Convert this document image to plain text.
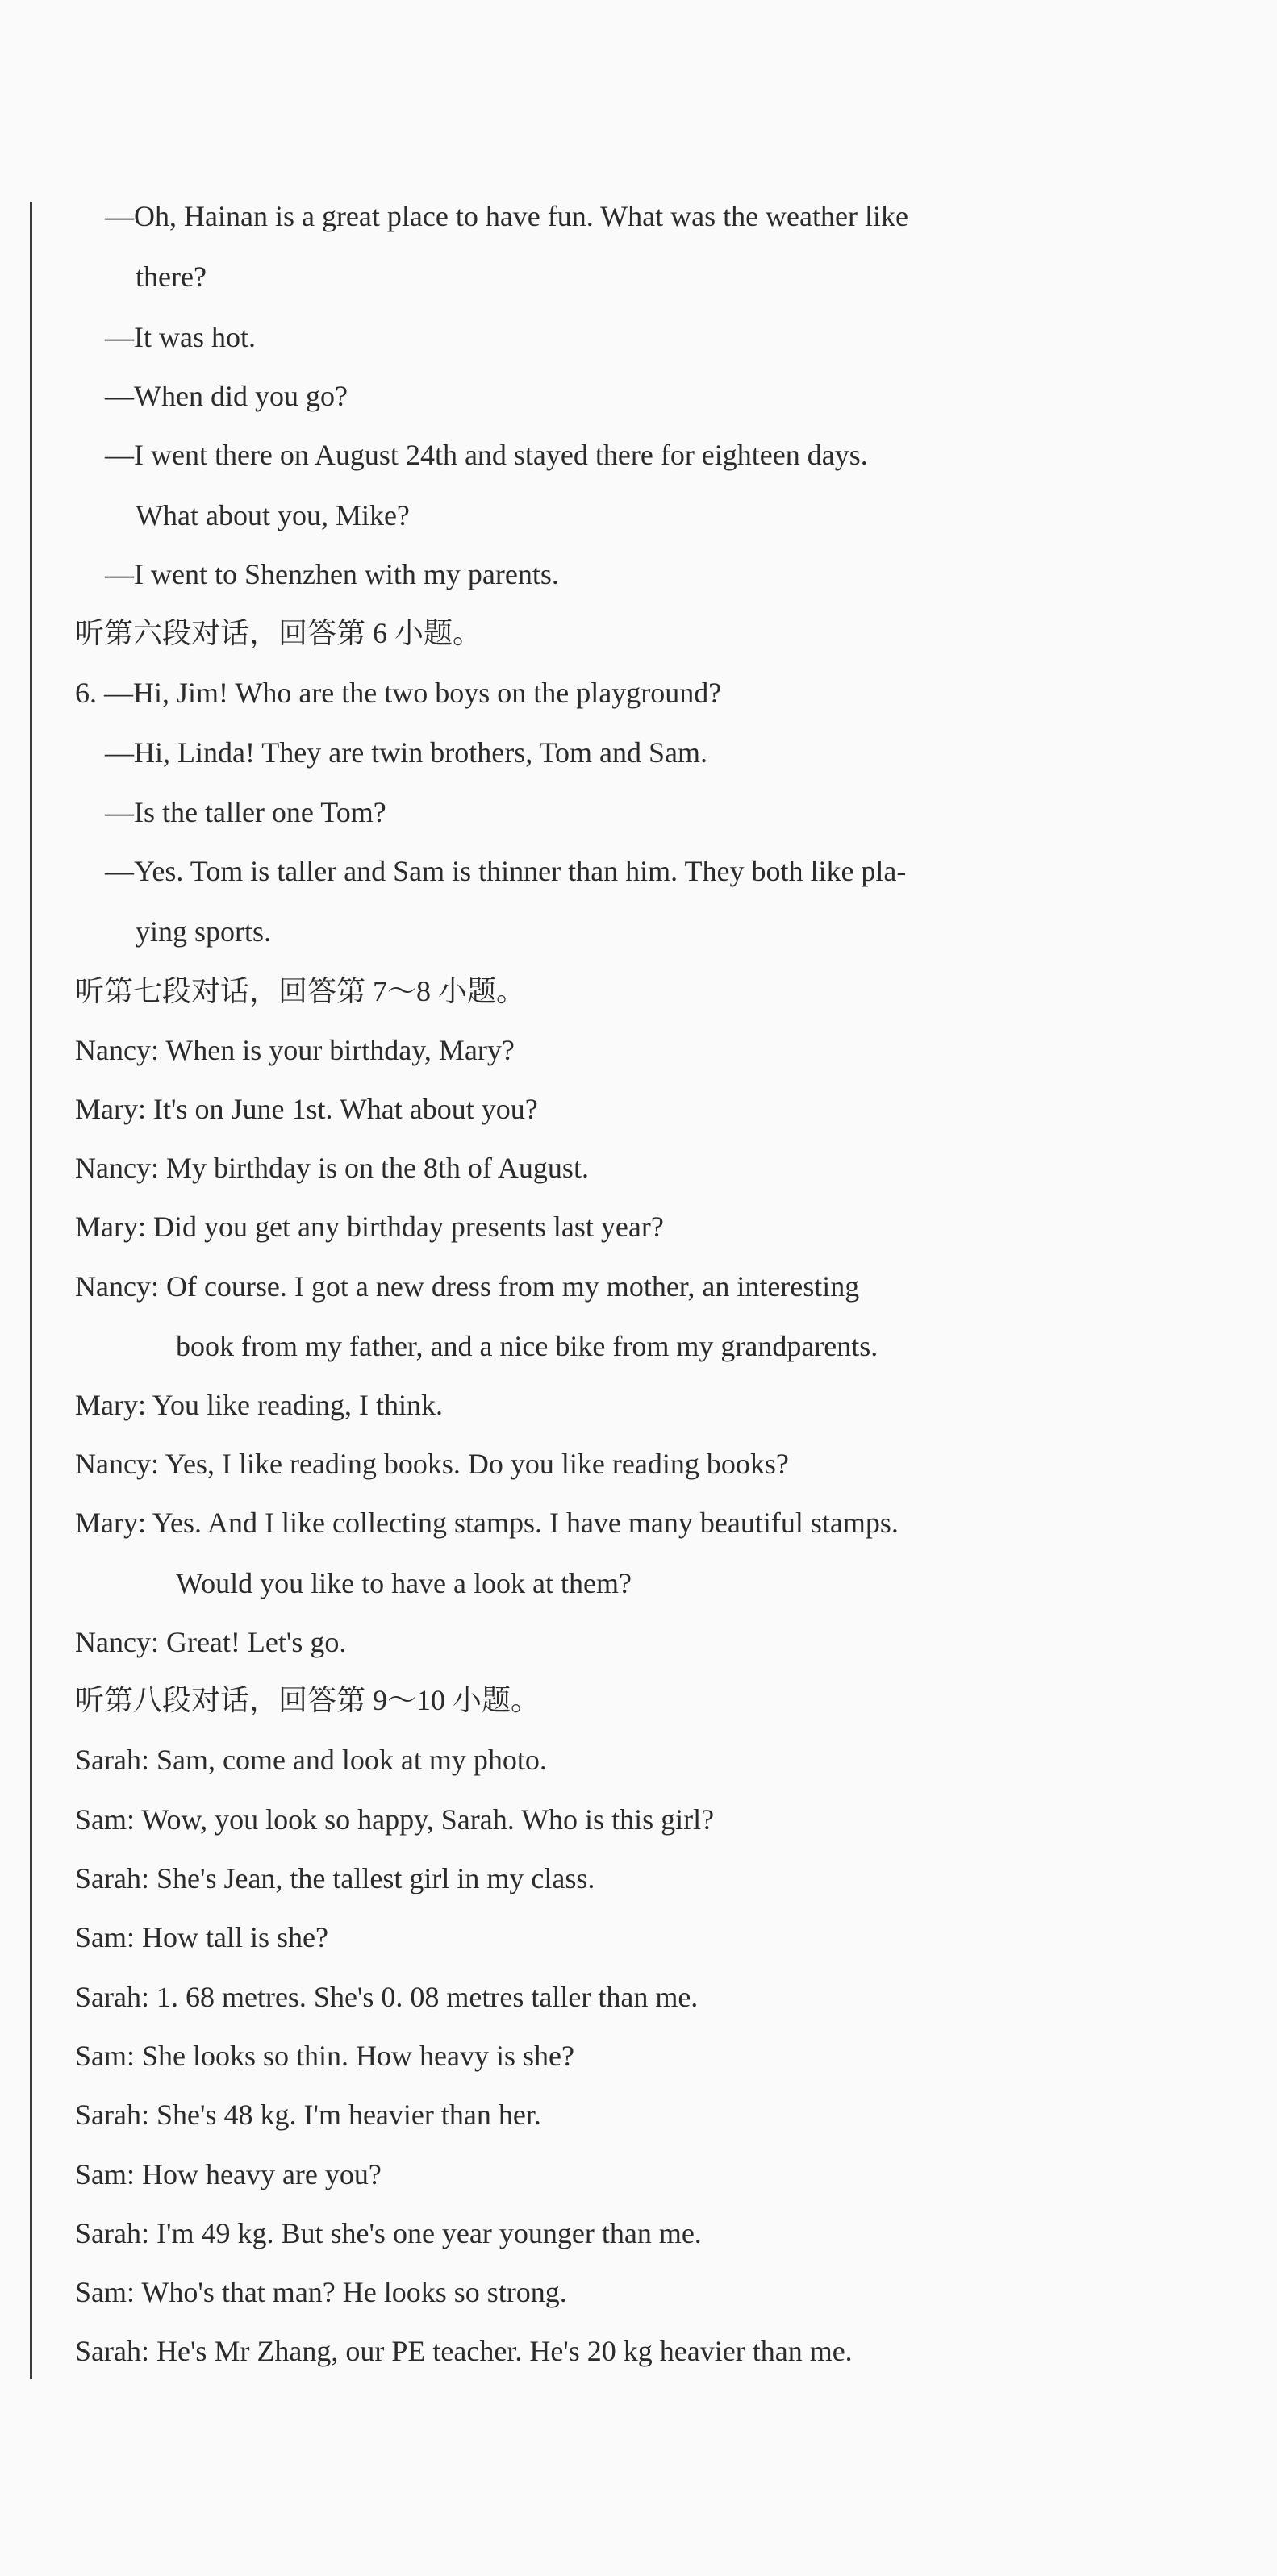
—Oh, Hainan is a great place to have fun. What was the weather like
there?
—It was hot.
—When did you go?
—I went there on August 24th and stayed there for eighteen days.
What about you, Mike?
—I went to Shenzhen with my parents.
听第六段对话，回答第 6 小题。
6. —Hi, Jim! Who are the two boys on the playground?
—Hi, Linda! They are twin brothers, Tom and Sam.
—Is the taller one Tom?
—Yes. Tom is taller and Sam is thinner than him. They both like pla-
ying sports.
听第七段对话，回答第 7～8 小题。
Nancy: When is your birthday, Mary?
Mary: It's on June 1st. What about you?
Nancy: My birthday is on the 8th of August.
Mary: Did you get any birthday presents last year?
Nancy: Of course. I got a new dress from my mother, an interesting
book from my father, and a nice bike from my grandparents.
Mary: You like reading, I think.
Nancy: Yes, I like reading books. Do you like reading books?
Mary: Yes. And I like collecting stamps. I have many beautiful stamps.
Would you like to have a look at them?
Nancy: Great! Let's go.
听第八段对话，回答第 9～10 小题。
Sarah: Sam, come and look at my photo.
Sam: Wow, you look so happy, Sarah. Who is this girl?
Sarah: She's Jean, the tallest girl in my class.
Sam: How tall is she?
Sarah: 1. 68 metres. She's 0. 08 metres taller than me.
Sam: She looks so thin. How heavy is she?
Sarah: She's 48 kg. I'm heavier than her.
Sam: How heavy are you?
Sarah: I'm 49 kg. But she's one year younger than me.
Sam: Who's that man? He looks so strong.
Sarah: He's Mr Zhang, our PE teacher. He's 20 kg heavier than me.
